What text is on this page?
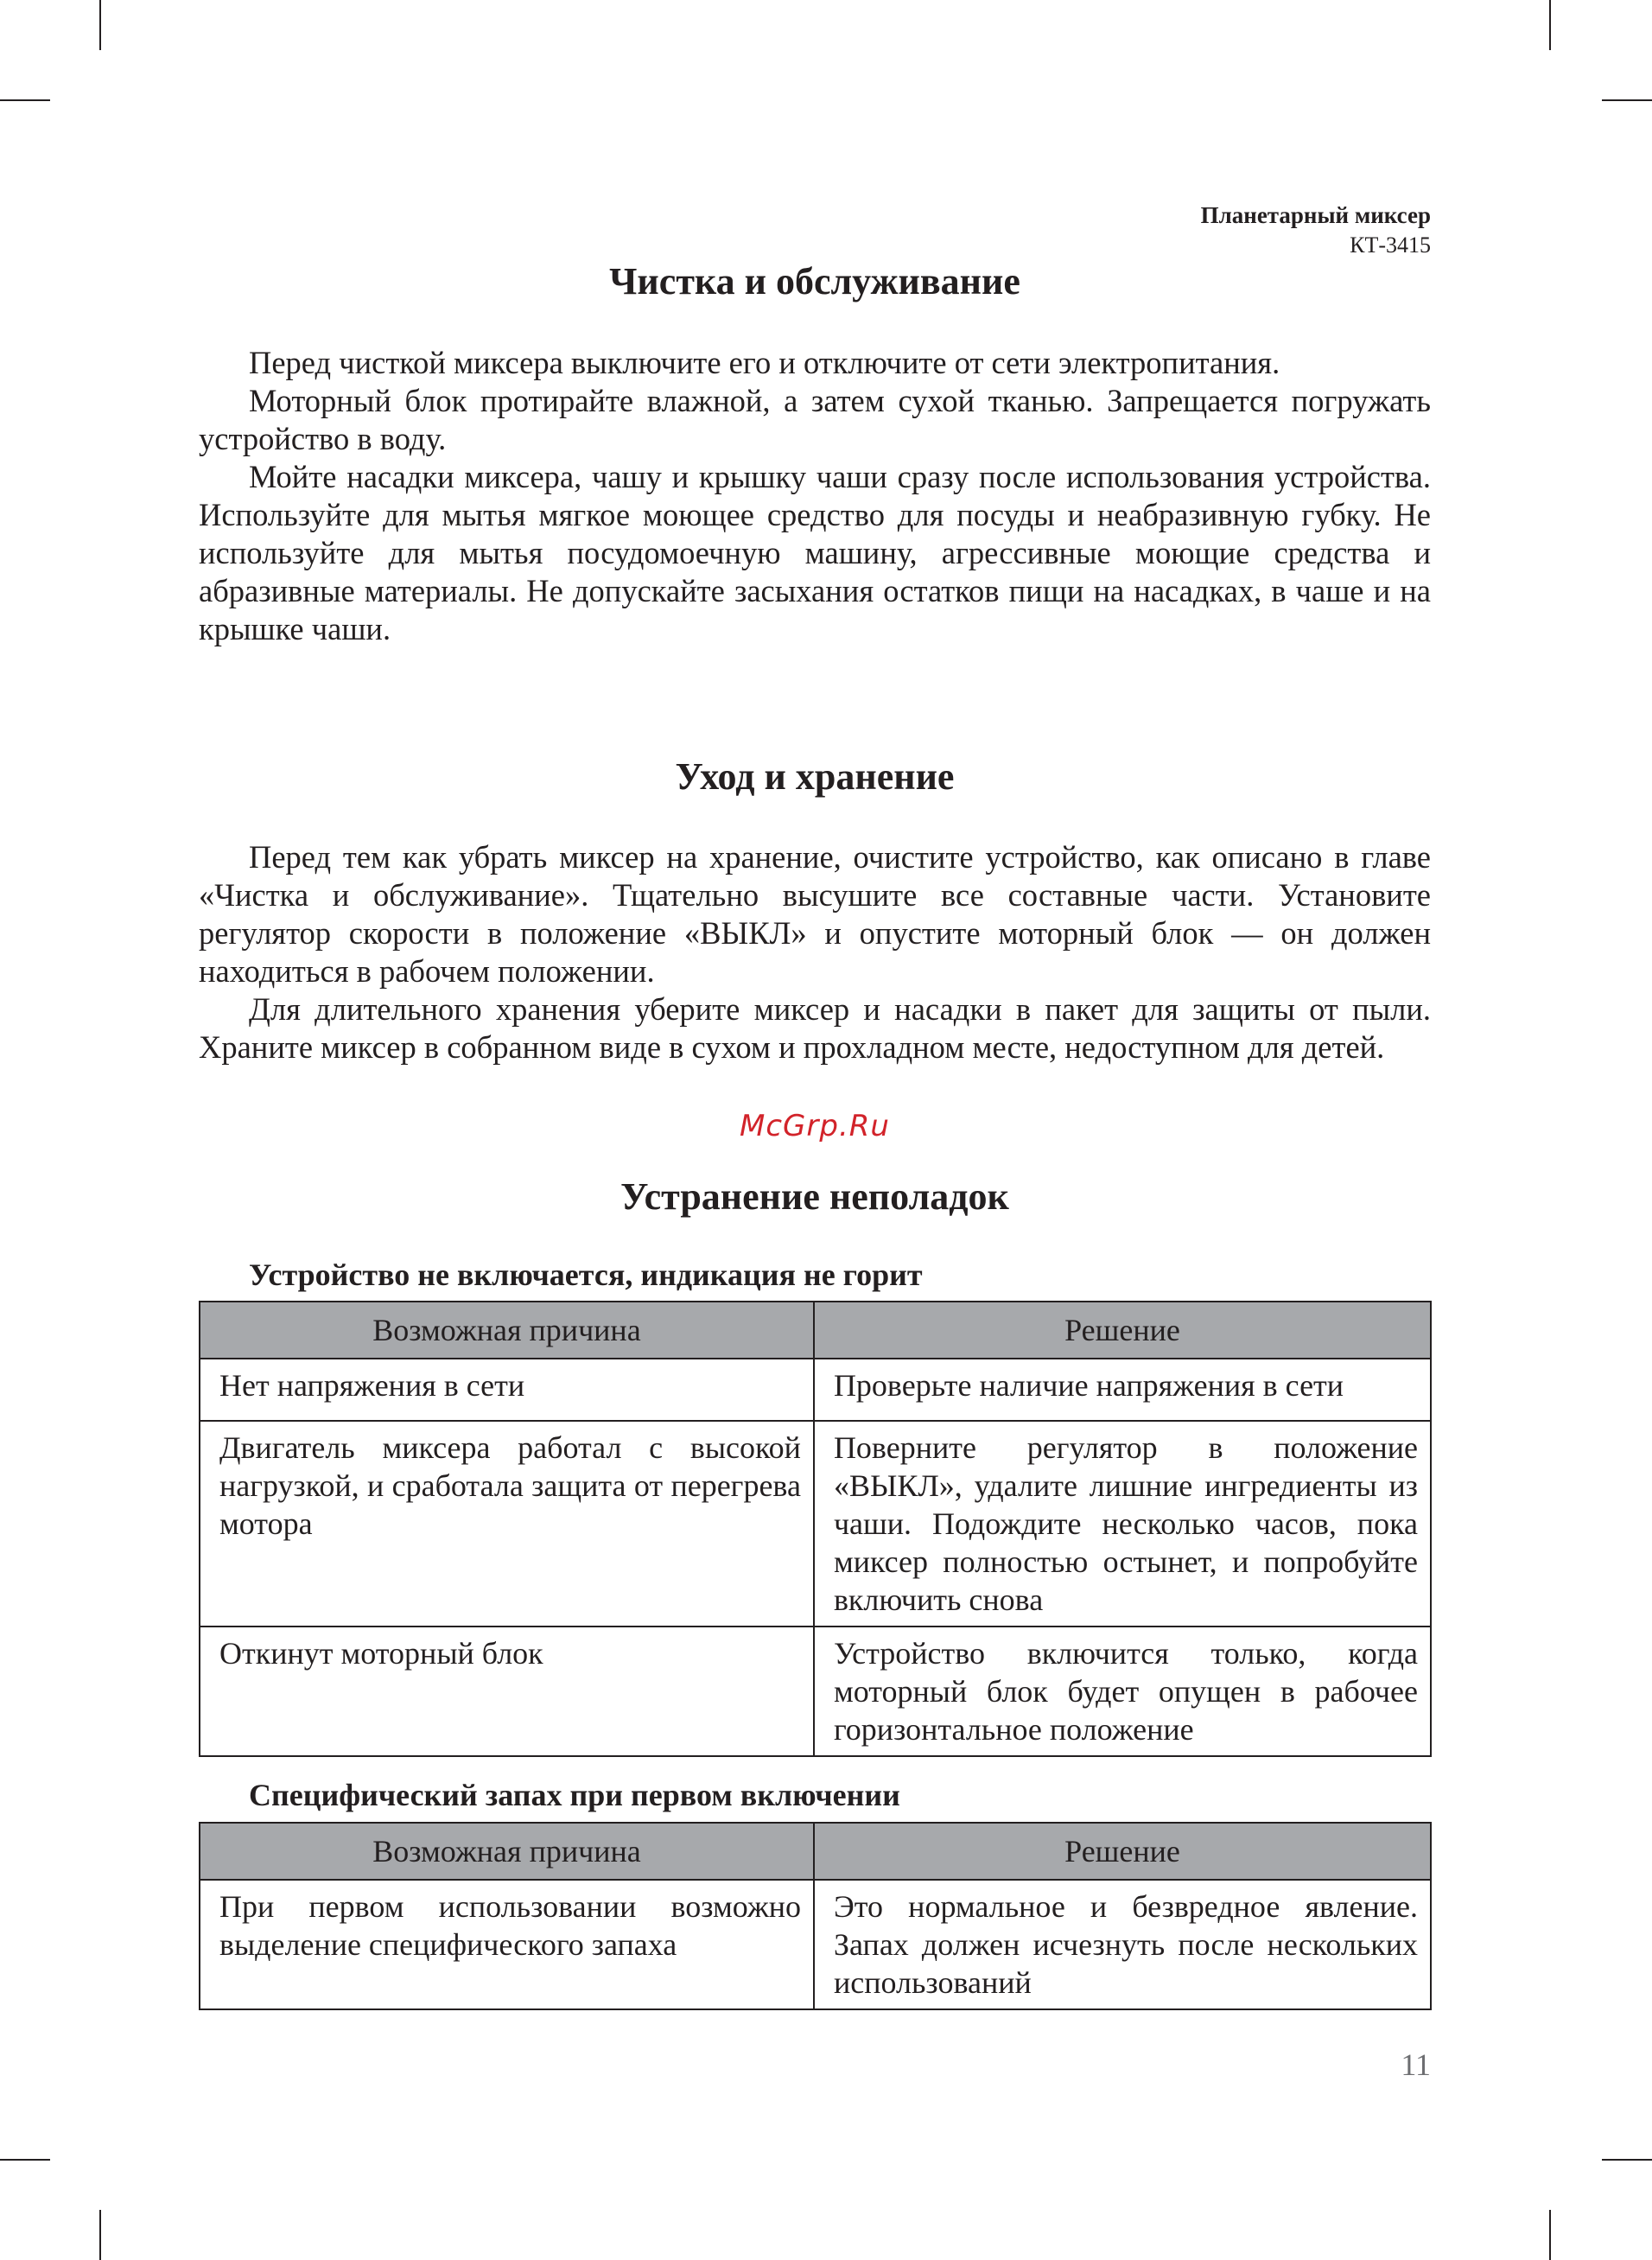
Планетарный миксер
КТ-3415
Чистка и обслуживание

Перед чисткой миксера выключите его и отключите от сети электропитания.

Моторный блок протирайте влажной, а затем сухой тканью. Запрещается погружать устройство в воду.

Мойте насадки миксера, чашу и крышку чаши сразу после использования устройства. Используйте для мытья мягкое моющее средство для посуды и неабразивную губку. Не используйте для мытья посудомоечную машину, агрессивные моющие средства и абразивные материалы. Не допускайте засыхания остатков пищи на насадках, в чаше и на крышке чаши.

Уход и хранение

Перед тем как убрать миксер на хранение, очистите устройство, как описано в главе «Чистка и обслуживание». Тщательно высушите все составные части. Установите регулятор скорости в положение «ВЫКЛ» и опустите моторный блок — он должен находиться в рабочем положении.

Для длительного хранения уберите миксер и насадки в пакет для защиты от пыли. Храните миксер в собранном виде в сухом и прохладном месте, недоступном для детей.

McGrp.Ru
Устранение неполадок
Устройство не включается, индикация не горит
Возможная причина	Решение
Нет напряжения в сети	Проверьте наличие напряжения в сети
Двигатель миксера работал с высокой нагрузкой, и сработала защита от перегрева мотора	Поверните регулятор в положение «ВЫКЛ», удалите лишние ингредиенты из чаши. Подождите несколько часов, пока миксер полностью остынет, и попробуйте включить снова
Откинут моторный блок	Устройство включится только, когда моторный блок будет опущен в рабочее горизонтальное положение
Специфический запах при первом включении
Возможная причина	Решение
При первом использовании возможно выделение специфического запаха	Это нормальное и безвредное явление. Запах должен исчезнуть после нескольких использований
11
